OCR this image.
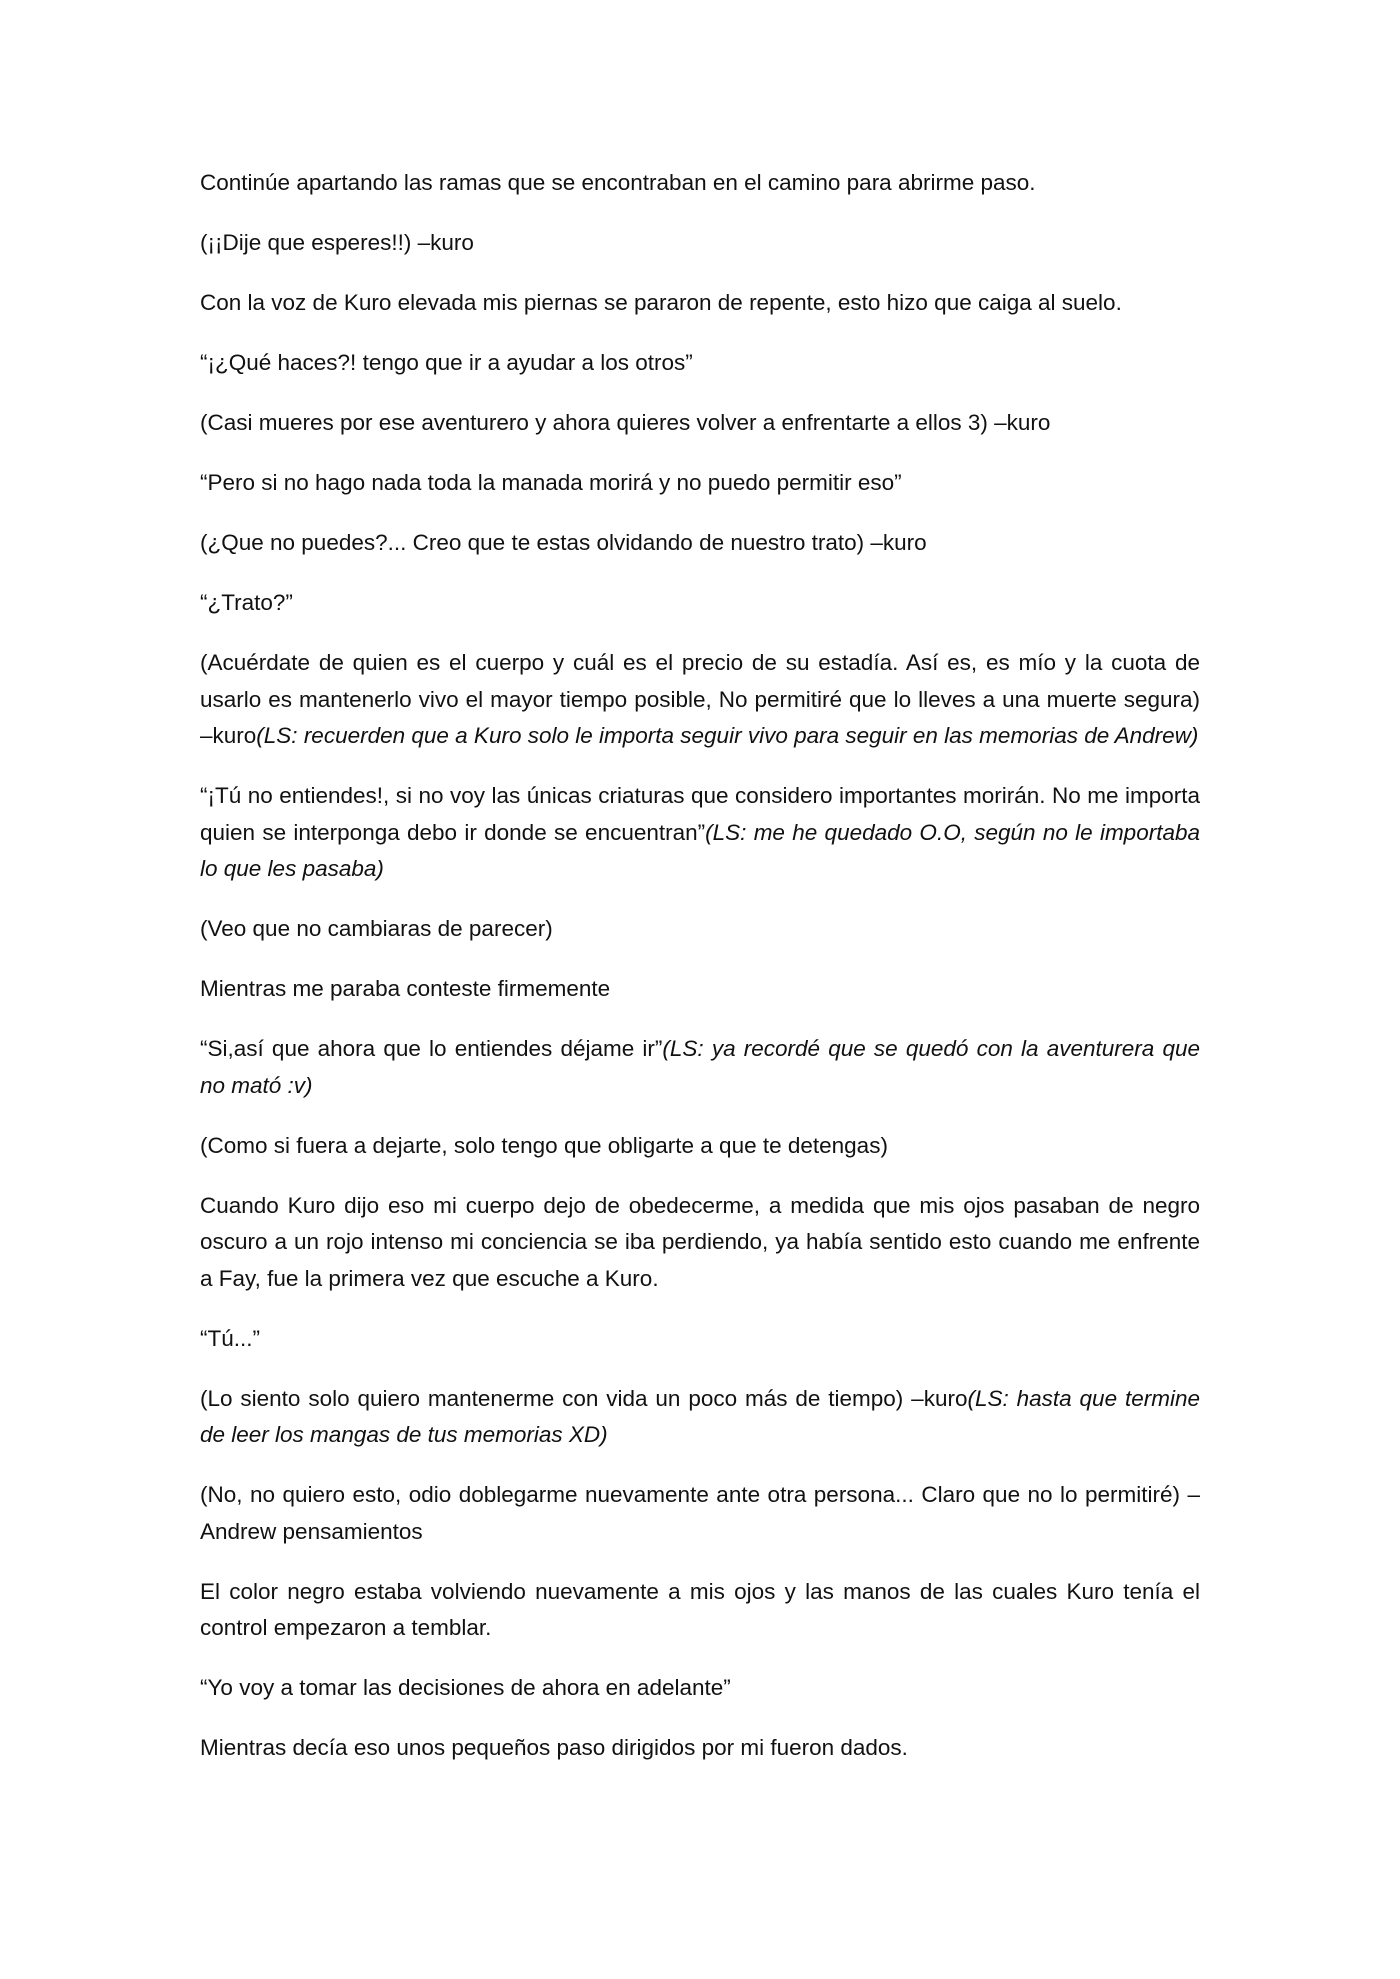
Continúe apartando las ramas que se encontraban en el camino para abrirme paso.

(¡¡Dije que esperes!!) –kuro

Con la voz de Kuro elevada mis piernas se pararon de repente, esto hizo que caiga al suelo.

“¡¿Qué haces?! tengo que ir a ayudar a los otros”

(Casi mueres por ese aventurero y ahora quieres volver a enfrentarte a ellos 3) –kuro

“Pero si no hago nada toda la manada morirá y no puedo permitir eso”

(¿Que no puedes?... Creo que te estas olvidando de nuestro trato) –kuro

“¿Trato?”

(Acuérdate de quien es el cuerpo y cuál es el precio de su estadía. Así es, es mío y la cuota de usarlo es mantenerlo vivo el mayor tiempo posible, No permitiré que lo lleves a una muerte segura) –kuro(LS: recuerden que a Kuro solo le importa seguir vivo para seguir en las memorias de Andrew)

“¡Tú no entiendes!, si no voy las únicas criaturas que considero importantes morirán. No me importa quien se interponga debo ir donde se encuentran”(LS: me he quedado O.O, según no le importaba lo que les pasaba)

(Veo que no cambiaras de parecer)

Mientras me paraba conteste firmemente

“Si,así que ahora que lo entiendes déjame ir”(LS: ya recordé que se quedó con la aventurera que no mató :v)

(Como si fuera a dejarte, solo tengo que obligarte a que te detengas)

Cuando Kuro dijo eso mi cuerpo dejo de obedecerme, a medida que mis ojos pasaban de negro oscuro a un rojo intenso mi conciencia se iba perdiendo, ya había sentido esto cuando me enfrente a Fay, fue la primera vez que escuche a Kuro.

“Tú...”

(Lo siento solo quiero mantenerme con vida un poco más de tiempo) –kuro(LS: hasta que termine de leer los mangas de tus memorias XD)

(No, no quiero esto, odio doblegarme nuevamente ante otra persona... Claro que no lo permitiré) –Andrew pensamientos

El color negro estaba volviendo nuevamente a mis ojos y las manos de las cuales Kuro tenía el control empezaron a temblar.

“Yo voy a tomar las decisiones de ahora en adelante”

Mientras decía eso unos pequeños paso dirigidos por mi fueron dados.
